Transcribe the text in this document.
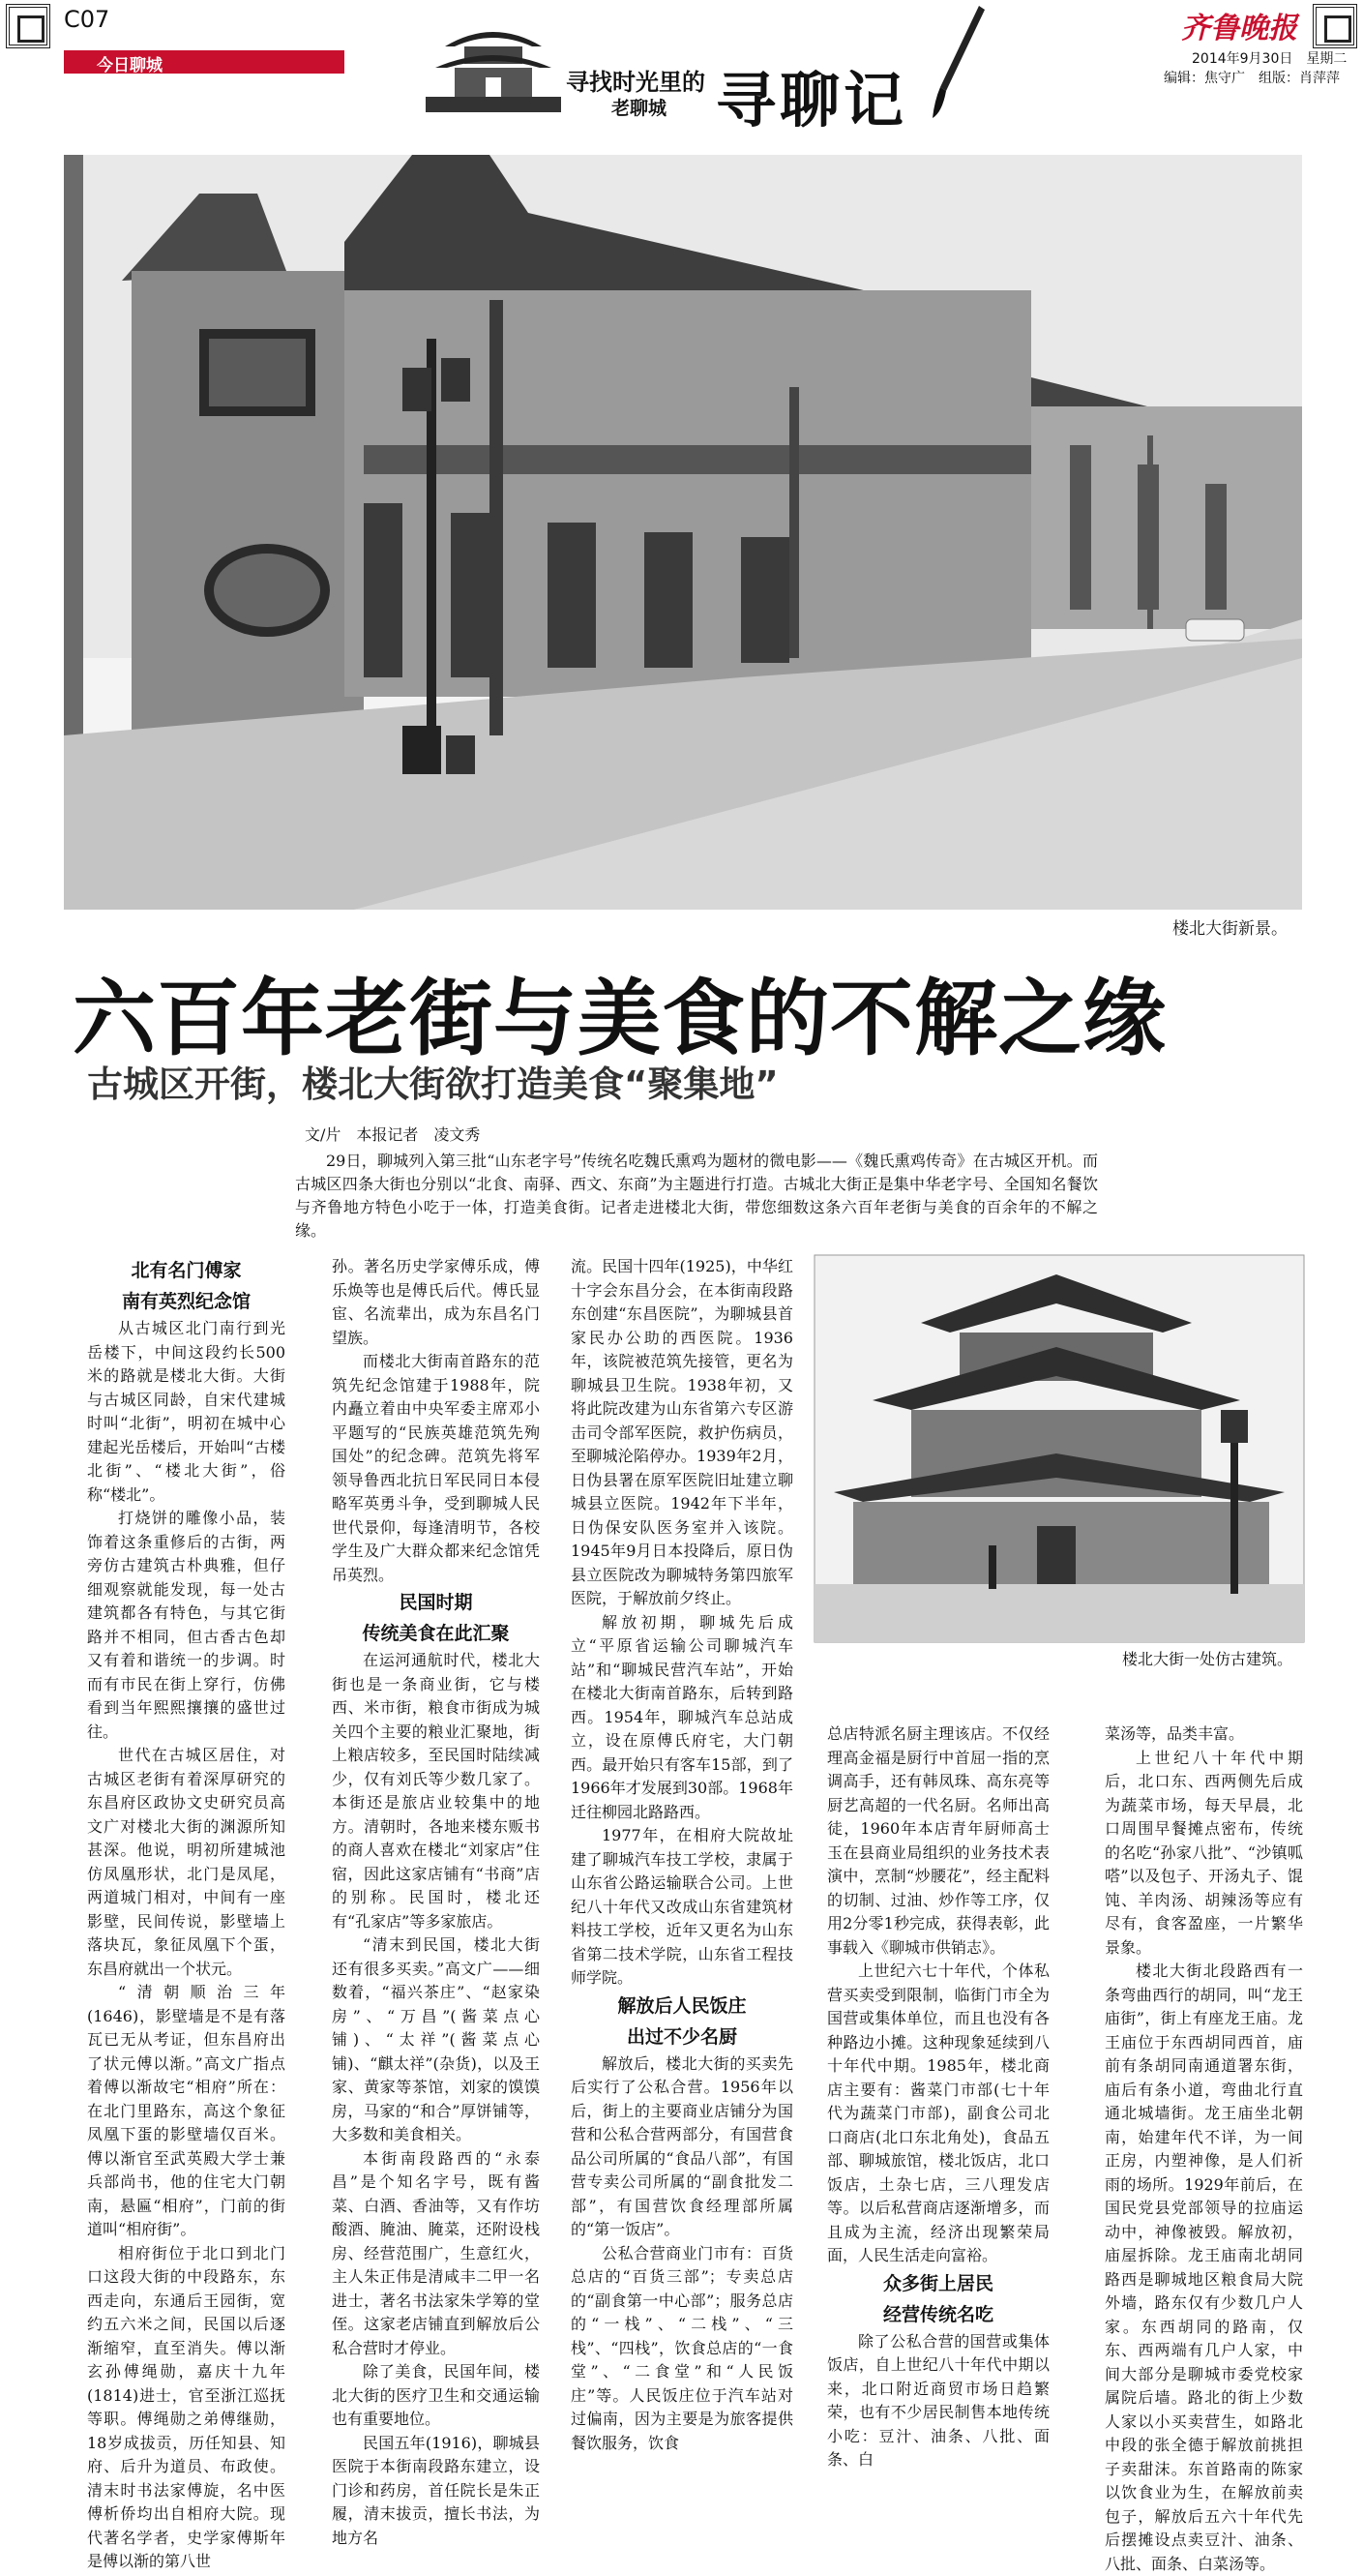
C07
今日聊城
寻找时光里的
老聊城 寻聊记
齐鲁晚报
2014年9月30日　星期二
编辑：焦守广　组版：肖萍萍
楼北大街新景。
六百年老街与美食的不解之缘
古城区开街，楼北大街欲打造美食“聚集地”
文/片　本报记者　凌文秀
29日，聊城列入第三批“山东老字号”传统名吃魏氏熏鸡为题材的微电影——《魏氏熏鸡传奇》在古城区开机。而古城区四条大街也分别以“北食、南驿、西文、东商”为主题进行打造。古城北大街正是集中华老字号、全国知名餐饮与齐鲁地方特色小吃于一体，打造美食街。记者走进楼北大街，带您细数这条六百年老街与美食的百余年的不解之缘。
北有名门傅家
南有英烈纪念馆

从古城区北门南行到光岳楼下，中间这段约长500米的路就是楼北大街。大街与古城区同龄，自宋代建城时叫“北街”，明初在城中心建起光岳楼后，开始叫“古楼北街”、“楼北大街”，俗称“楼北”。

打烧饼的雕像小品，装饰着这条重修后的古街，两旁仿古建筑古朴典雅，但仔细观察就能发现，每一处古建筑都各有特色，与其它街路并不相同，但古香古色却又有着和谐统一的步调。时而有市民在街上穿行，仿佛看到当年熙熙攘攘的盛世过往。

世代在古城区居住，对古城区老街有着深厚研究的东昌府区政协文史研究员高文广对楼北大街的渊源所知甚深。他说，明初所建城池仿凤凰形状，北门是凤尾，两道城门相对，中间有一座影壁，民间传说，影壁墙上落块瓦，象征凤凰下个蛋，东昌府就出一个状元。

“清朝顺治三年(1646)，影壁墙是不是有落瓦已无从考证，但东昌府出了状元傅以渐。”高文广指点着傅以渐故宅“相府”所在：在北门里路东，高这个象征凤凰下蛋的影壁墙仅百米。傅以渐官至武英殿大学士兼兵部尚书，他的住宅大门朝南，悬匾“相府”，门前的街道叫“相府街”。

相府街位于北口到北门口这段大街的中段路东，东西走向，东通后王园街，宽约五六米之间，民国以后逐渐缩窄，直至消失。傅以渐玄孙傅绳勋，嘉庆十九年(1814)进士，官至浙江巡抚等职。傅绳勋之弟傅继勋，18岁成拔贡，历任知县、知府、后升为道员、布政使。清末时书法家傅旋，名中医傅析侨均出自相府大院。现代著名学者，史学家傅斯年是傅以渐的第八世

孙。著名历史学家傅乐成，傅乐焕等也是傅氏后代。傅氏显宦、名流辈出，成为东昌名门望族。

而楼北大街南首路东的范筑先纪念馆建于1988年，院内矗立着由中央军委主席邓小平题写的“民族英雄范筑先殉国处”的纪念碑。范筑先将军领导鲁西北抗日军民同日本侵略军英勇斗争，受到聊城人民世代景仰，每逢清明节，各校学生及广大群众都来纪念馆凭吊英烈。

民国时期
传统美食在此汇聚

在运河通航时代，楼北大街也是一条商业街，它与楼西、米市街，粮食市街成为城关四个主要的粮业汇聚地，街上粮店较多，至民国时陆续减少，仅有刘氏等少数几家了。本街还是旅店业较集中的地方。清朝时，各地来楼东贩书的商人喜欢在楼北“刘家店”住宿，因此这家店铺有“书商”店的别称。民国时，楼北还有“孔家店”等多家旅店。

“清末到民国，楼北大街还有很多买卖。”高文广——细数着，“福兴茶庄”、“赵家染房”、“万昌”(酱菜点心铺)、“太祥”(酱菜点心铺)、“麒太祥”(杂货)，以及王家、黄家等茶馆，刘家的馍馍房，马家的“和合”厚饼铺等，大多数和美食相关。

本街南段路西的“永泰昌”是个知名字号，既有酱菜、白酒、香油等，又有作坊酸酒、腌油、腌菜，还附设栈房、经营范围广，生意红火，主人朱正伟是清咸丰二甲一名进士，著名书法家朱学筹的堂侄。这家老店铺直到解放后公私合营时才停业。

除了美食，民国年间，楼北大街的医疗卫生和交通运输也有重要地位。

民国五年(1916)，聊城县医院于本街南段路东建立，设门诊和药房，首任院长是朱正履，清末拔贡，擅长书法，为地方名

流。民国十四年(1925)，中华红十字会东昌分会，在本街南段路东创建“东昌医院”，为聊城县首家民办公助的西医院。1936年，该院被范筑先接管，更名为聊城县卫生院。1938年初，又将此院改建为山东省第六专区游击司令部军医院，救护伤病员，至聊城沦陷停办。1939年2月，日伪县署在原军医院旧址建立聊城县立医院。1942年下半年，日伪保安队医务室并入该院。1945年9月日本投降后，原日伪县立医院改为聊城特务第四旅军医院，于解放前夕终止。

解放初期，聊城先后成立“平原省运输公司聊城汽车站”和“聊城民营汽车站”，开始在楼北大街南首路东，后转到路西。1954年，聊城汽车总站成立，设在原傅氏府宅，大门朝西。最开始只有客车15部，到了1966年才发展到30部。1968年迁往柳园北路路西。

1977年，在相府大院故址建了聊城汽车技工学校，隶属于山东省公路运输联合公司。上世纪八十年代又改成山东省建筑材料技工学校，近年又更名为山东省第二技术学院，山东省工程技师学院。

解放后人民饭庄
出过不少名厨

解放后，楼北大街的买卖先后实行了公私合营。1956年以后，街上的主要商业店铺分为国营和公私合营两部分，有国营食品公司所属的“食品八部”，有国营专卖公司所属的“副食批发二部”，有国营饮食经理部所属的“第一饭店”。

公私合营商业门市有：百货总店的“百货三部”；专卖总店的“副食第一中心部”；服务总店的“一栈”、“二栈”、“三栈”、“四栈”，饮食总店的“一食堂”、“二食堂”和“人民饭庄”等。人民饭庄位于汽车站对过偏南，因为主要是为旅客提供餐饮服务，饮食

楼北大街一处仿古建筑。

总店特派名厨主理该店。不仅经理高金福是厨行中首屈一指的烹调高手，还有韩凤珠、高东亮等厨艺高超的一代名厨。名师出高徒，1960年本店青年厨师高士玉在县商业局组织的业务技术表演中，烹制“炒腰花”，经主配料的切制、过油、炒作等工序，仅用2分零1秒完成，获得表彰，此事载入《聊城市供销志》。

上世纪六七十年代，个体私营买卖受到限制，临街门市全为国营或集体单位，而且也没有各种路边小摊。这种现象延续到八十年代中期。1985年，楼北商店主要有：酱菜门市部(七十年代为蔬菜门市部)，副食公司北口商店(北口东北角处)，食品五部、聊城旅馆，楼北饭店，北口饭店，土杂七店，三八理发店等。以后私营商店逐渐增多，而且成为主流，经济出现繁荣局面，人民生活走向富裕。

众多街上居民
经营传统名吃

除了公私合营的国营或集体饭店，自上世纪八十年代中期以来，北口附近商贸市场日趋繁荣，也有不少居民制售本地传统小吃：豆汁、油条、八批、面条、白

菜汤等，品类丰富。

上世纪八十年代中期后，北口东、西两侧先后成为蔬菜市场，每天早晨，北口周围早餐摊点密布，传统的名吃“孙家八批”、“沙镇呱嗒”以及包子、开汤丸子、馄饨、羊肉汤、胡辣汤等应有尽有，食客盈座，一片繁华景象。

楼北大街北段路西有一条弯曲西行的胡同，叫“龙王庙街”，街上有座龙王庙。龙王庙位于东西胡同西首，庙前有条胡同南通道署东街，庙后有条小道，弯曲北行直通北城墙街。龙王庙坐北朝南，始建年代不详，为一间正房，内塑神像，是人们祈雨的场所。1929年前后，在国民党县党部领导的拉庙运动中，神像被毁。解放初，庙屋拆除。龙王庙南北胡同路西是聊城地区粮食局大院外墙，路东仅有少数几户人家。东西胡同的路南，仅东、西两端有几户人家，中间大部分是聊城市委党校家属院后墙。路北的街上少数人家以小买卖营生，如路北中段的张全德于解放前挑担子卖甜沫。东首路南的陈家以饮食业为生，在解放前卖包子，解放后五六十年代先后摆摊设点卖豆汁、油条、八批、面条、白菜汤等。
